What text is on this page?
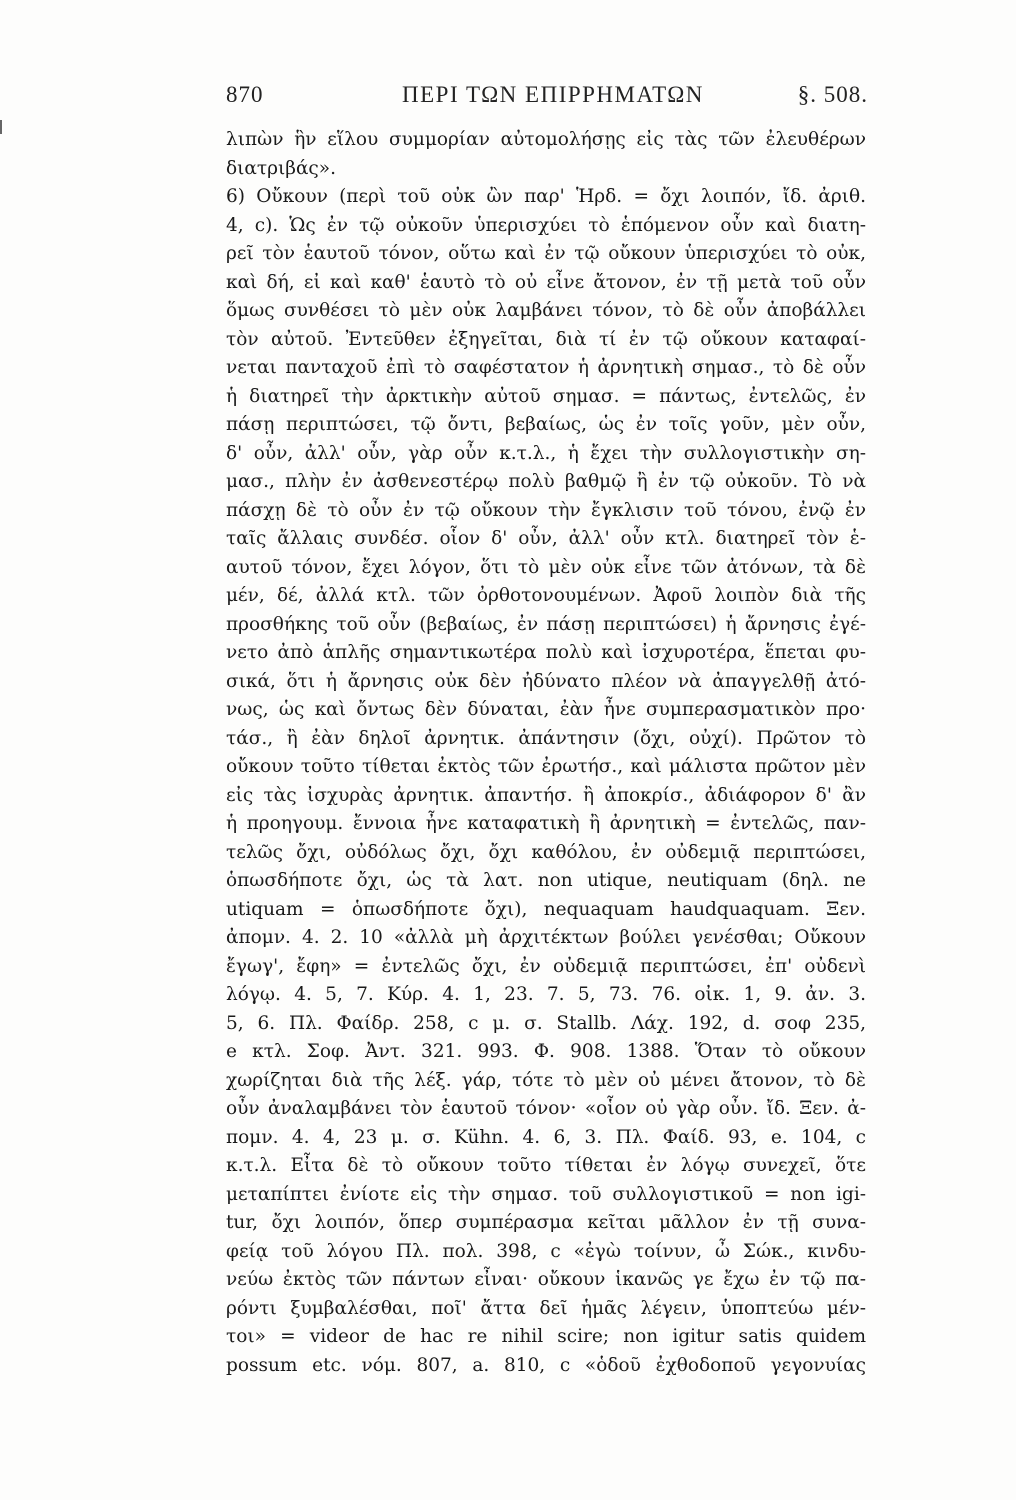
870	ΠΕΡΙ ΤΩΝ ΕΠΙΡΡΗΜΑΤΩΝ	§. 508.
λιπὼν ἣν εἵλου συμμορίαν αὐτομολήσῃς εἰς τὰς τῶν ἐλευθέρων
διατριβάς».
6) Οὔκουν (περὶ τοῦ οὐκ ὢν παρ' Ἡρδ. = ὄχι λοιπόν, ἴδ. ἀριθ.
4, c). Ὡς ἐν τῷ οὐκοῦν ὑπερισχύει τὸ ἑπόμενον οὖν καὶ διατη-
ρεῖ τὸν ἑαυτοῦ τόνον, οὕτω καὶ ἐν τῷ οὔκουν ὑπερισχύει τὸ οὐκ,
καὶ δή, εἰ καὶ καθ' ἑαυτὸ τὸ οὐ εἶνε ἄτονον, ἐν τῇ μετὰ τοῦ οὖν
ὅμως συνθέσει τὸ μὲν οὐκ λαμβάνει τόνον, τὸ δὲ οὖν ἀποβάλλει
τὸν αὐτοῦ. Ἐντεῦθεν ἐξηγεῖται, διὰ τί ἐν τῷ οὔκουν καταφαί-
νεται πανταχοῦ ἐπὶ τὸ σαφέστατον ἡ ἀρνητικὴ σημασ., τὸ δὲ οὖν
ἡ διατηρεῖ τὴν ἀρκτικὴν αὐτοῦ σημασ. = πάντως, ἐντελῶς, ἐν
πάσῃ περιπτώσει, τῷ ὄντι, βεβαίως, ὡς ἐν τοῖς γοῦν, μὲν οὖν,
δ' οὖν, ἀλλ' οὖν, γὰρ οὖν κ.τ.λ., ἡ ἔχει τὴν συλλογιστικὴν ση-
μασ., πλὴν ἐν ἀσθενεστέρῳ πολὺ βαθμῷ ἢ ἐν τῷ οὐκοῦν. Τὸ νὰ
πάσχῃ δὲ τὸ οὖν ἐν τῷ οὔκουν τὴν ἔγκλισιν τοῦ τόνου, ἐνῷ ἐν
ταῖς ἄλλαις συνδέσ. οἷον δ' οὖν, ἀλλ' οὖν κτλ. διατηρεῖ τὸν ἑ-
αυτοῦ τόνον, ἔχει λόγον, ὅτι τὸ μὲν οὐκ εἶνε τῶν ἀτόνων, τὰ δὲ
μέν, δέ, ἀλλά κτλ. τῶν ὀρθοτονουμένων. Ἀφοῦ λοιπὸν διὰ τῆς
προσθήκης τοῦ οὖν (βεβαίως, ἐν πάσῃ περιπτώσει) ἡ ἄρνησις ἐγέ-
νετο ἀπὸ ἁπλῆς σημαντικωτέρα πολὺ καὶ ἰσχυροτέρα, ἕπεται φυ-
σικά, ὅτι ἡ ἄρνησις οὐκ δὲν ἠδύνατο πλέον νὰ ἀπαγγελθῇ ἀτό-
νως, ὡς καὶ ὄντως δὲν δύναται, ἐὰν ἦνε συμπερασματικὸν προ·
τάσ., ἢ ἐὰν δηλοῖ ἀρνητικ. ἀπάντησιν (ὄχι, οὐχί). Πρῶτον τὸ
οὔκουν τοῦτο τίθεται ἐκτὸς τῶν ἐρωτήσ., καὶ μάλιστα πρῶτον μὲν
εἰς τὰς ἰσχυρὰς ἀρνητικ. ἀπαντήσ. ἢ ἀποκρίσ., ἀδιάφορον δ' ἂν
ἡ προηγουμ. ἔννοια ἦνε καταφατικὴ ἢ ἀρνητικὴ = ἐντελῶς, παν-
τελῶς ὄχι, οὐδόλως ὄχι, ὄχι καθόλου, ἐν οὐδεμιᾷ περιπτώσει,
ὁπωσδήποτε ὄχι, ὡς τὰ λατ. non utique, neutiquam (δηλ. ne
utiquam = ὁπωσδήποτε ὄχι), nequaquam haudquaquam. Ξεν.
ἀπομν. 4. 2. 10 «ἀλλὰ μὴ ἀρχιτέκτων βούλει γενέσθαι; Οὔκουν
ἔγωγ', ἔφη» = ἐντελῶς ὄχι, ἐν οὐδεμιᾷ περιπτώσει, ἐπ' οὐδενὶ
λόγῳ. 4. 5, 7. Κύρ. 4. 1, 23. 7. 5, 73. 76. οἰκ. 1, 9. ἀν. 3.
5, 6. Πλ. Φαίδρ. 258, c μ. σ. Stallb. Λάχ. 192, d. σοφ 235,
e κτλ. Σοφ. Ἀντ. 321. 993. Φ. 908. 1388. Ὅταν τὸ οὔκουν
χωρίζηται διὰ τῆς λέξ. γάρ, τότε τὸ μὲν οὐ μένει ἄτονον, τὸ δὲ
οὖν ἀναλαμβάνει τὸν ἑαυτοῦ τόνον· «οἷον οὐ γὰρ οὖν. ἴδ. Ξεν. ἀ-
πομν. 4. 4, 23 μ. σ. Kühn. 4. 6, 3. Πλ. Φαίδ. 93, e. 104, c
κ.τ.λ. Εἶτα δὲ τὸ οὔκουν τοῦτο τίθεται ἐν λόγῳ συνεχεῖ, ὅτε
μεταπίπτει ἐνίοτε εἰς τὴν σημασ. τοῦ συλλογιστικοῦ = non igi-
tur, ὄχι λοιπόν, ὅπερ συμπέρασμα κεῖται μᾶλλον ἐν τῇ συνα-
φείᾳ τοῦ λόγου Πλ. πολ. 398, c «ἐγὼ τοίνυν, ὦ Σώκ., κινδυ-
νεύω ἐκτὸς τῶν πάντων εἶναι· οὔκουν ἱκανῶς γε ἔχω ἐν τῷ πα-
ρόντι ξυμβαλέσθαι, ποῖ' ἄττα δεῖ ἡμᾶς λέγειν, ὑποπτεύω μέν-
τοι» = videor de hac re nihil scire; non igitur satis quidem
possum etc. νόμ. 807, a. 810, c «ὁδοῦ ἐχθοδοποῦ γεγονυίας
